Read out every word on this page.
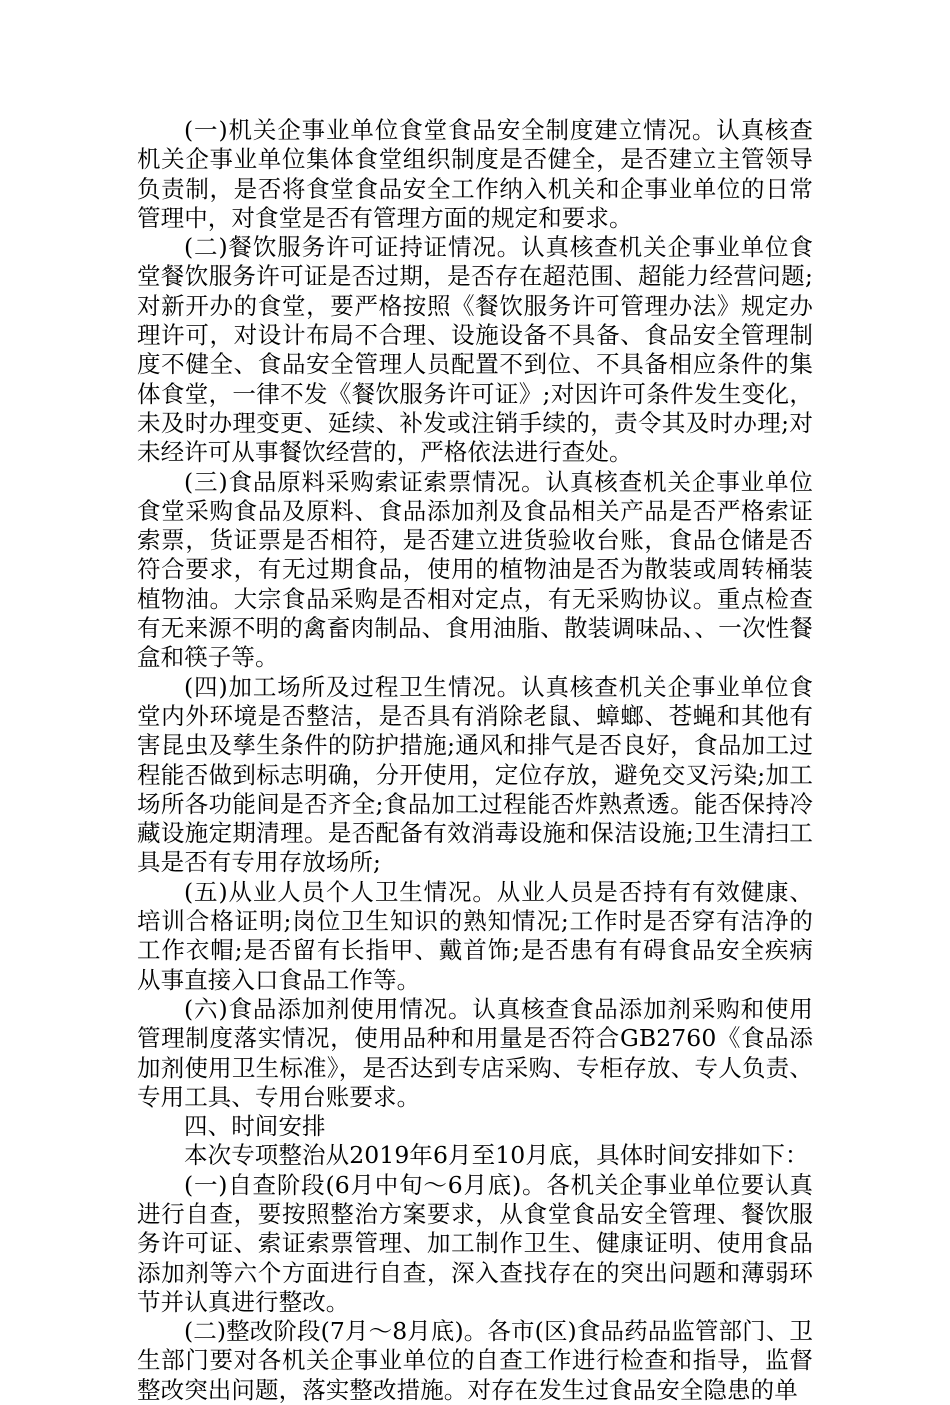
(一)机关企事业单位食堂食品安全制度建立情况。认真核查机关企事业单位集体食堂组织制度是否健全，是否建立主管领导负责制，是否将食堂食品安全工作纳入机关和企事业单位的日常管理中，对食堂是否有管理方面的规定和要求。

(二)餐饮服务许可证持证情况。认真核查机关企事业单位食堂餐饮服务许可证是否过期，是否存在超范围、超能力经营问题;对新开办的食堂，要严格按照《餐饮服务许可管理办法》规定办理许可，对设计布局不合理、设施设备不具备、食品安全管理制度不健全、食品安全管理人员配置不到位、不具备相应条件的集体食堂，一律不发《餐饮服务许可证》;对因许可条件发生变化，未及时办理变更、延续、补发或注销手续的，责令其及时办理;对未经许可从事餐饮经营的，严格依法进行查处。

(三)食品原料采购索证索票情况。认真核查机关企事业单位食堂采购食品及原料、食品添加剂及食品相关产品是否严格索证索票，货证票是否相符，是否建立进货验收台账，食品仓储是否符合要求，有无过期食品，使用的植物油是否为散装或周转桶装植物油。大宗食品采购是否相对定点，有无采购协议。重点检查有无来源不明的禽畜肉制品、食用油脂、散装调味品、、一次性餐盒和筷子等。

(四)加工场所及过程卫生情况。认真核查机关企事业单位食堂内外环境是否整洁，是否具有消除老鼠、蟑螂、苍蝇和其他有害昆虫及孳生条件的防护措施;通风和排气是否良好，食品加工过程能否做到标志明确，分开使用，定位存放，避免交叉污染;加工场所各功能间是否齐全;食品加工过程能否炸熟煮透。能否保持冷藏设施定期清理。是否配备有效消毒设施和保洁设施;卫生清扫工具是否有专用存放场所;

(五)从业人员个人卫生情况。从业人员是否持有有效健康、培训合格证明;岗位卫生知识的熟知情况;工作时是否穿有洁净的工作衣帽;是否留有长指甲、戴首饰;是否患有有碍食品安全疾病从事直接入口食品工作等。

(六)食品添加剂使用情况。认真核查食品添加剂采购和使用管理制度落实情况，使用品种和用量是否符合GB2760《食品添加剂使用卫生标准》，是否达到专店采购、专柜存放、专人负责、专用工具、专用台账要求。

四、时间安排

本次专项整治从2019年6月至10月底，具体时间安排如下：

(一)自查阶段(6月中旬～6月底)。各机关企事业单位要认真进行自查，要按照整治方案要求，从食堂食品安全管理、餐饮服务许可证、索证索票管理、加工制作卫生、健康证明、使用食品添加剂等六个方面进行自查，深入查找存在的突出问题和薄弱环节并认真进行整改。

(二)整改阶段(7月～8月底)。各市(区)食品药品监管部门、卫生部门要对各机关企事业单位的自查工作进行检查和指导，监督整改突出问题，落实整改措施。对存在发生过食品安全隐患的单
